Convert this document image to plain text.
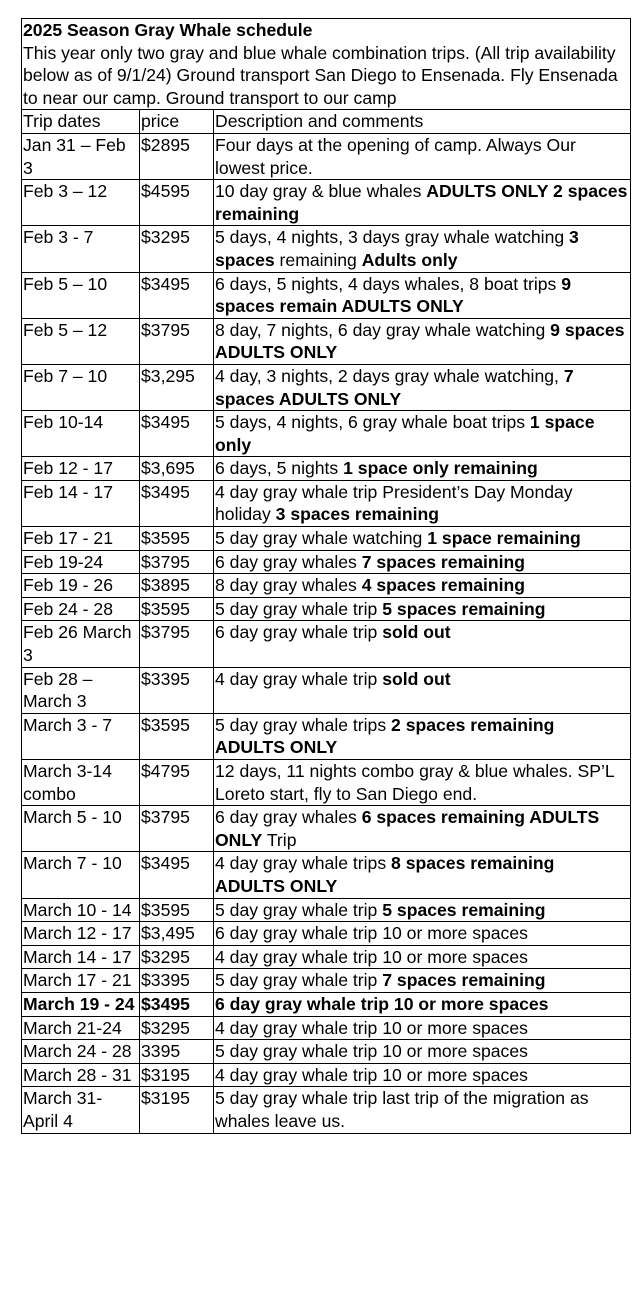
2025 Season Gray Whale schedule
This year only two gray and blue whale combination trips. (All trip availability below as of 9/1/24) Ground transport San Diego to Ensenada. Fly Ensenada to near our camp. Ground transport to our camp		

Trip dates	price	Description and comments
Jan 31 – Feb 3	$2895	Four days at the opening of camp. Always Our lowest price.
Feb 3 – 12	$4595	10 day gray & blue whales ADULTS ONLY 2 spaces remaining
Feb 3 - 7	$3295	5 days, 4 nights, 3 days gray whale watching 3 spaces remaining Adults only
Feb 5 – 10	$3495	6 days, 5 nights, 4 days whales, 8 boat trips 9 spaces remain ADULTS ONLY
Feb 5 – 12	$3795	8 day, 7 nights, 6 day gray whale watching 9 spaces ADULTS ONLY
Feb 7 – 10	$3,295	4 day, 3 nights, 2 days gray whale watching, 7 spaces ADULTS ONLY
Feb 10-14	$3495	5 days, 4 nights, 6 gray whale boat trips 1 space only
Feb 12 - 17	$3,695	6 days, 5 nights 1 space only remaining
Feb 14 - 17	$3495	4 day gray whale trip President’s Day Monday holiday 3 spaces remaining
Feb 17 - 21	$3595	5 day gray whale watching 1 space remaining
Feb 19-24	$3795	6 day gray whales 7 spaces remaining
Feb 19 - 26	$3895	8 day gray whales 4 spaces remaining
Feb 24 - 28	$3595	5 day gray whale trip 5 spaces remaining
Feb 26 March 3	$3795	6 day gray whale trip sold out
Feb 28 – March 3	$3395	4 day gray whale trip sold out
March 3 - 7	$3595	5 day gray whale trips 2 spaces remaining ADULTS ONLY
March 3-14 combo	$4795	12 days, 11 nights combo gray & blue whales. SP’L Loreto start, fly to San Diego end.
March 5 - 10	$3795	6 day gray whales 6 spaces remaining ADULTS ONLY Trip
March 7 - 10	$3495	4 day gray whale trips 8 spaces remaining ADULTS ONLY
March 10 - 14	$3595	5 day gray whale trip 5 spaces remaining
March 12 - 17	$3,495	6 day gray whale trip 10 or more spaces
March 14 - 17	$3295	4 day gray whale trip 10 or more spaces
March 17 - 21	$3395	5 day gray whale trip 7 spaces remaining
March 19 - 24	$3495	6 day gray whale trip 10 or more spaces
March 21-24	$3295	4 day gray whale trip 10 or more spaces
March 24 - 28	3395	5 day gray whale trip 10 or more spaces
March 28 - 31	$3195	4 day gray whale trip 10 or more spaces
March 31- April 4	$3195	5 day gray whale trip last trip of the migration as whales leave us.
